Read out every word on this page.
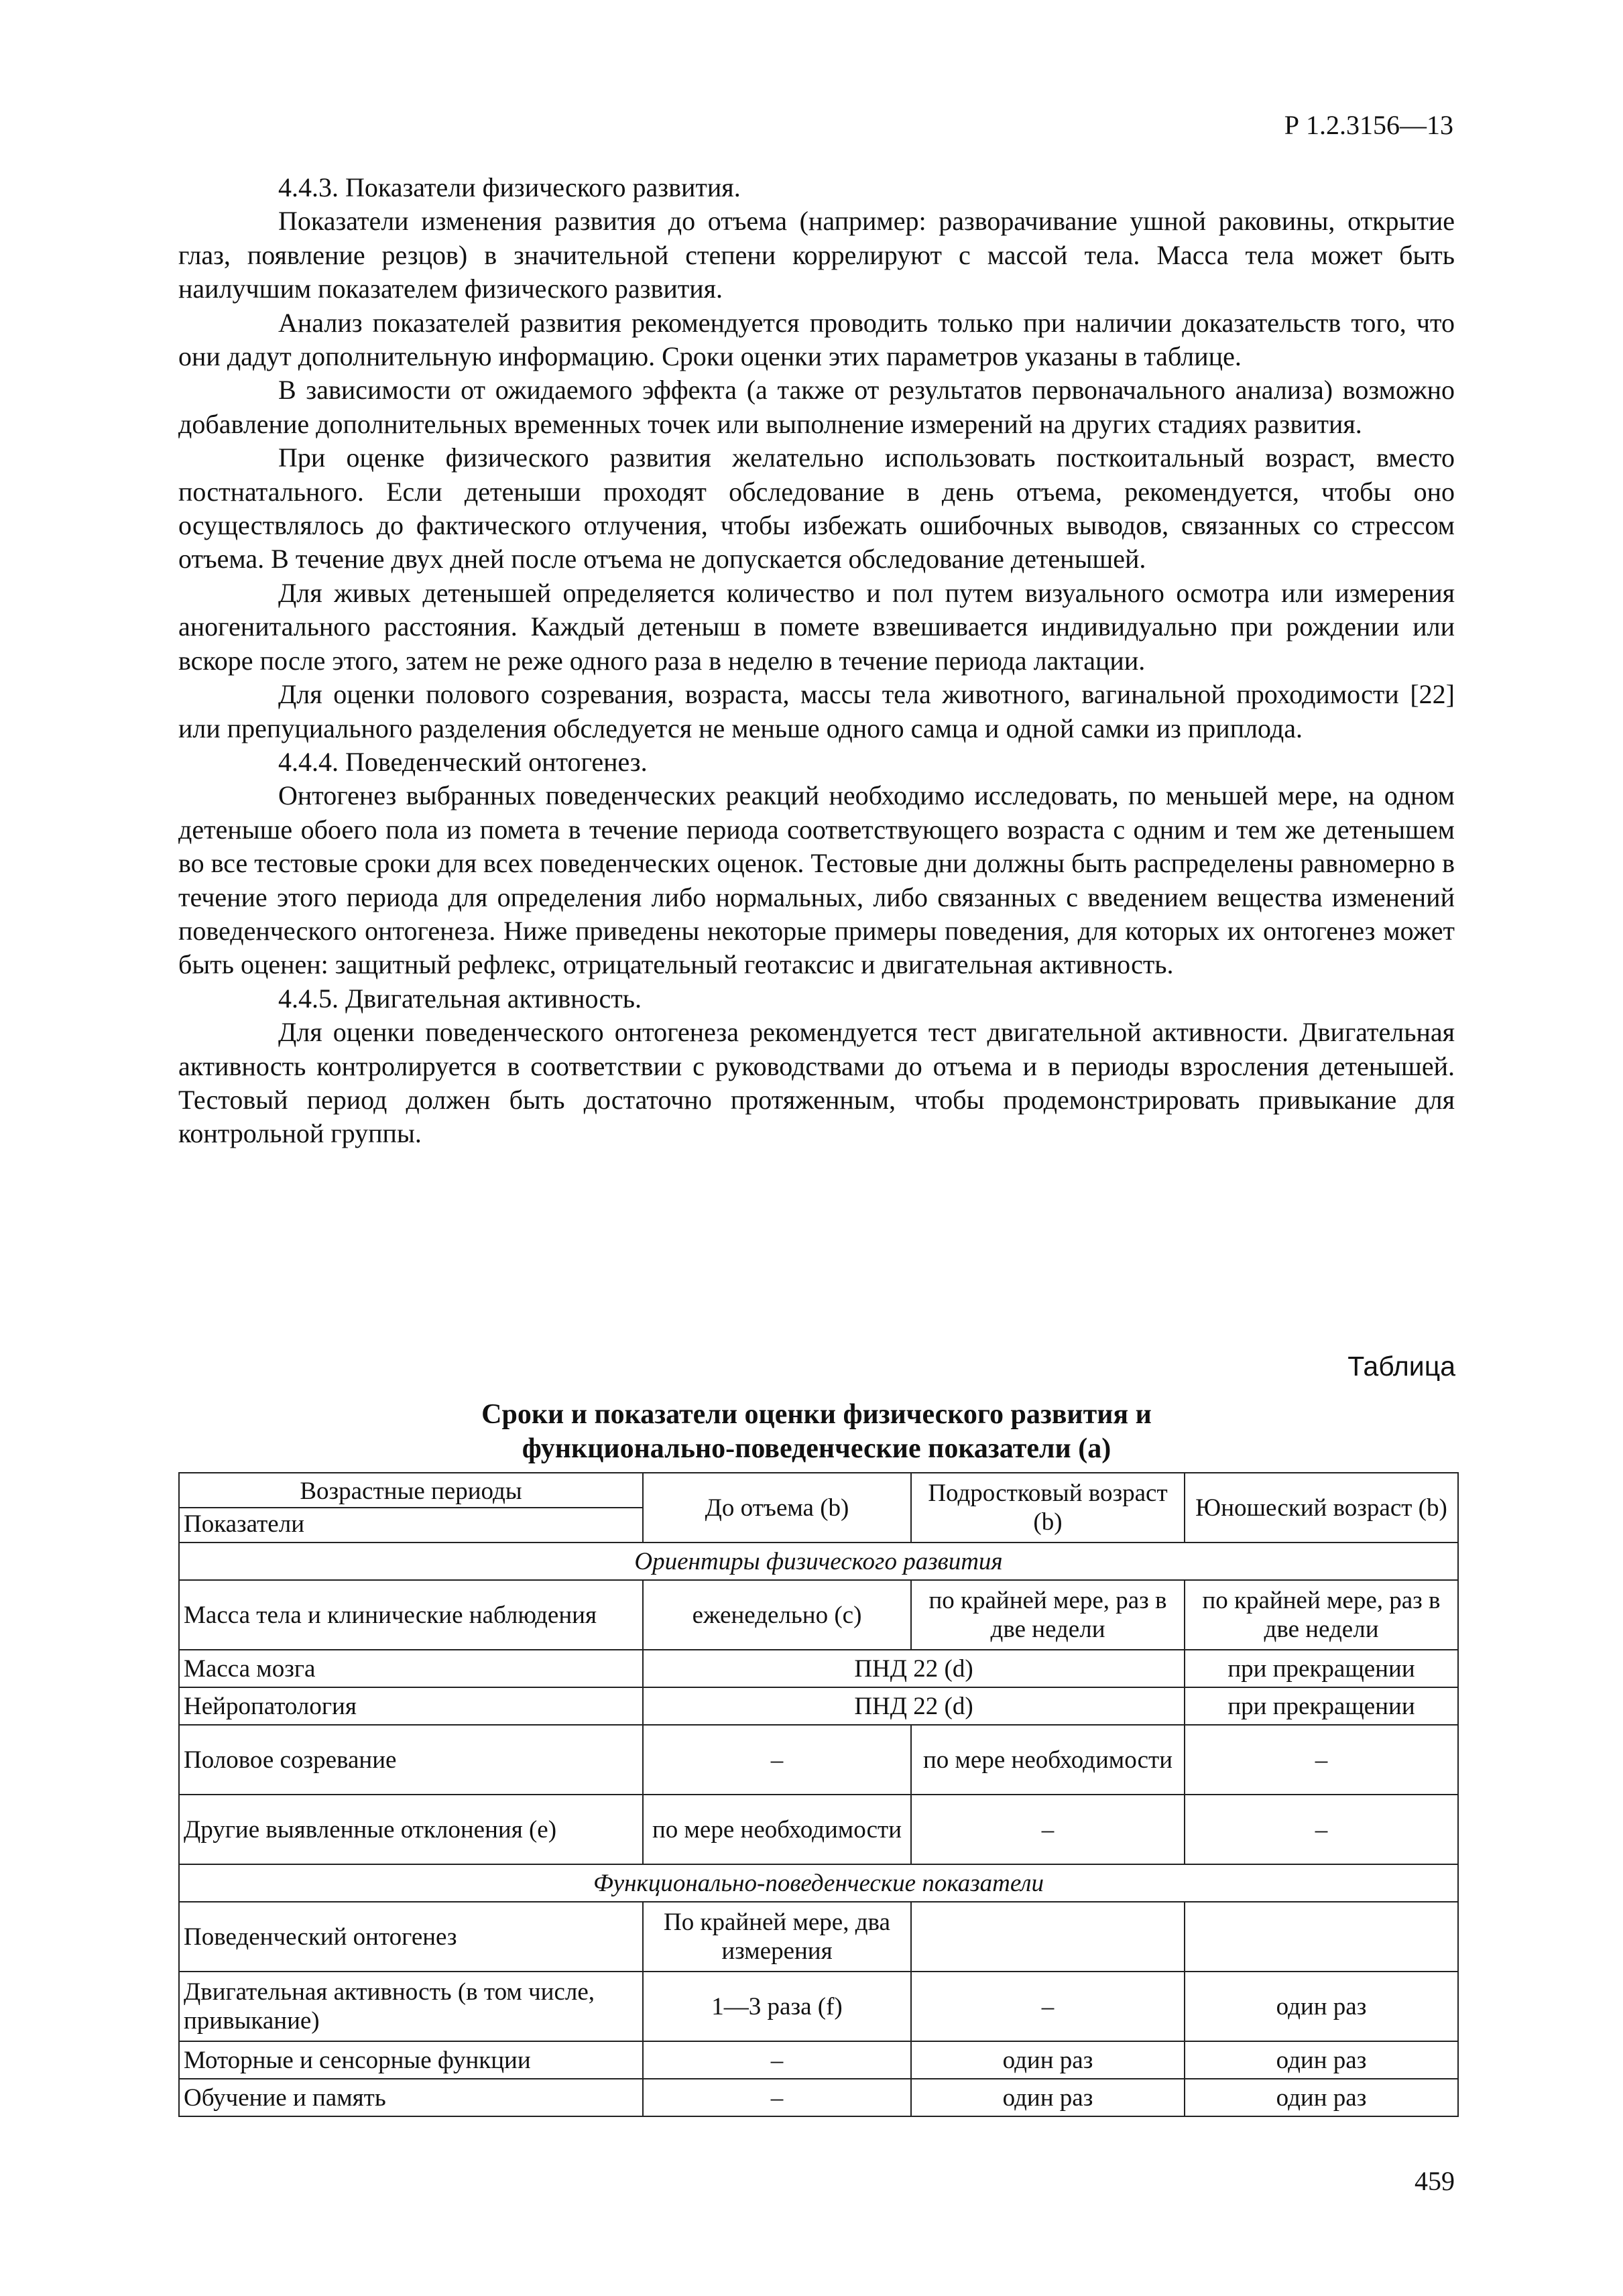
Р 1.2.3156—13

4.4.3. Показатели физического развития.

Показатели изменения развития до отъема (например: разворачивание ушной раковины, открытие глаз, появление резцов) в значительной степени коррелируют с массой тела. Масса тела может быть наилучшим показателем физического развития.

Анализ показателей развития рекомендуется проводить только при наличии доказательств того, что они дадут дополнительную информацию. Сроки оценки этих параметров указаны в таблице.

В зависимости от ожидаемого эффекта (а также от результатов первоначального анализа) возможно добавление дополнительных временных точек или выполнение измерений на других стадиях развития.

При оценке физического развития желательно использовать посткоитальный возраст, вместо постнатального. Если детеныши проходят обследование в день отъема, рекомендуется, чтобы оно осуществлялось до фактического отлучения, чтобы избежать ошибочных выводов, связанных со стрессом отъема. В течение двух дней после отъема не допускается обследование детенышей.

Для живых детенышей определяется количество и пол путем визуального осмотра или измерения аногенитального расстояния. Каждый детеныш в помете взвешивается индивидуально при рождении или вскоре после этого, затем не реже одного раза в неделю в течение периода лактации.

Для оценки полового созревания, возраста, массы тела животного, вагинальной проходимости [22] или препуциального разделения обследуется не меньше одного самца и одной самки из приплода.

4.4.4. Поведенческий онтогенез.

Онтогенез выбранных поведенческих реакций необходимо исследовать, по меньшей мере, на одном детеныше обоего пола из помета в течение периода соответствующего возраста с одним и тем же детенышем во все тестовые сроки для всех поведенческих оценок. Тестовые дни должны быть распределены равномерно в течение этого периода для определения либо нормальных, либо связанных с введением вещества изменений поведенческого онтогенеза. Ниже приведены некоторые примеры поведения, для которых их онтогенез может быть оценен: защитный рефлекс, отрицательный геотаксис и двигательная активность.

4.4.5. Двигательная активность.

Для оценки поведенческого онтогенеза рекомендуется тест двигательной активности. Двигательная активность контролируется в соответствии с руководствами до отъема и в периоды взросления детенышей. Тестовый период должен быть достаточно протяженным, чтобы продемонстрировать привыкание для контрольной группы.

Таблица
Сроки и показатели оценки физического развития и
функционально-поведенческие показатели (а)
Возрастные периоды
Показатели	До отъема (b)	Подростковый возраст (b)	Юношеский возраст (b)
Ориентиры физического развития			
Масса тела и клинические наблюдения	еженедельно (с)	по крайней мере, раз в две недели	по крайней мере, раз в две недели
Масса мозга	ПНД 22 (d)		при прекращении
Нейропатология	ПНД 22 (d)		при прекращении
Половое созревание	–	по мере необходимости	–
Другие выявленные отклонения (е)	по мере необходимости	–	–
Функционально-поведенческие показатели			
Поведенческий онтогенез	По крайней мере, два измерения		
Двигательная активность (в том числе, привыкание)	1—3 раза (f)	–	один раз
Моторные и сенсорные функции	–	один раз	один раз
Обучение и память	–	один раз	один раз
459
